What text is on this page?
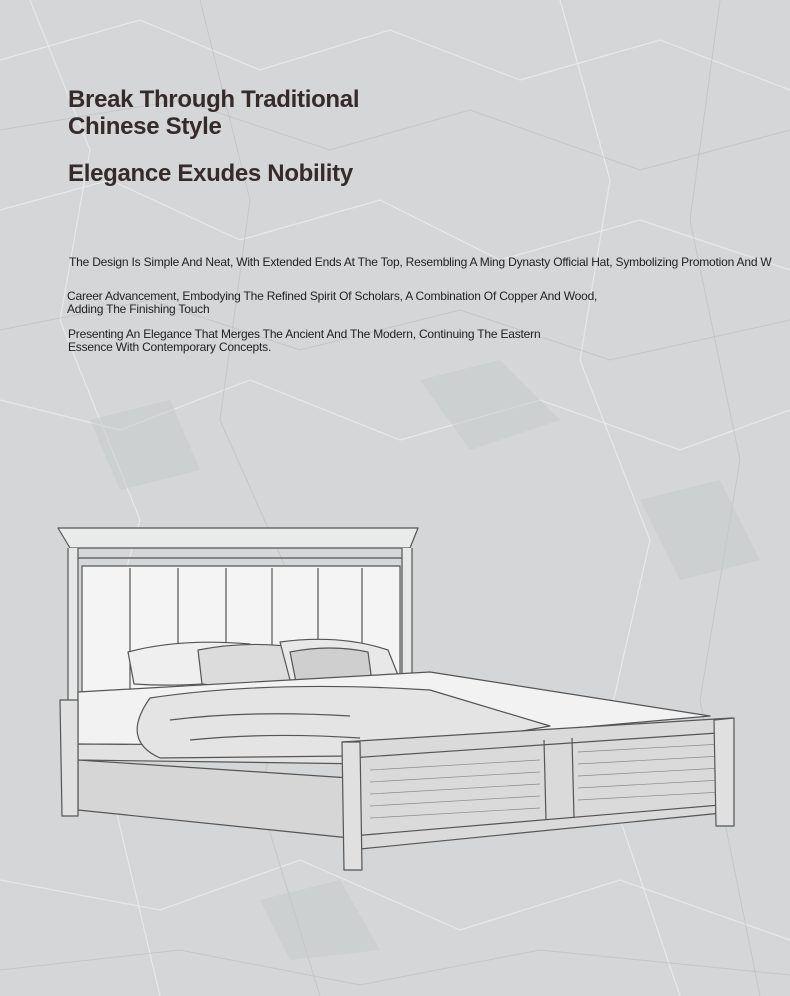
Break Through Traditional Chinese Style
Elegance Exudes Nobility

The Design Is Simple And Neat, With Extended Ends At The Top, Resembling A Ming Dynasty Official Hat, Symbolizing Promotion And W

Career Advancement, Embodying The Refined Spirit Of Scholars, A Combination Of Copper And Wood, Adding The Finishing Touch

Presenting An Elegance That Merges The Ancient And The Modern, Continuing The Eastern Essence With Contemporary Concepts.
